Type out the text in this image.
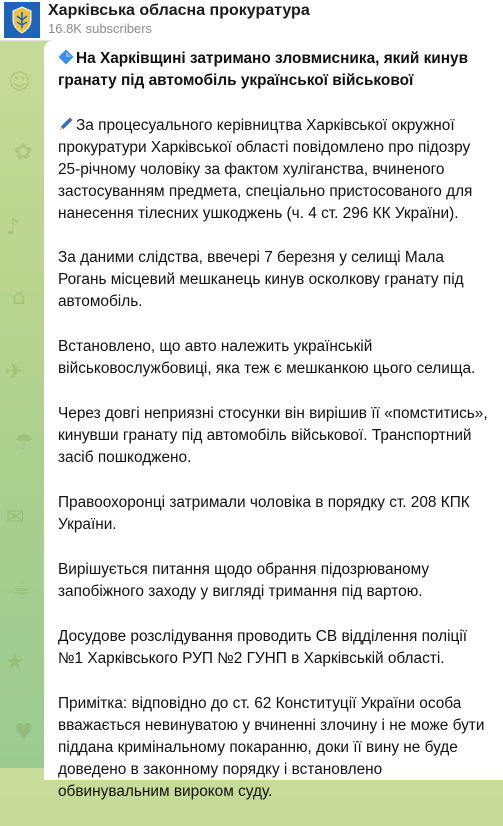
☺
✿
♪
⌂
✈
☂
✉
☕
★
♥
Харківська обласна прокуратура
16.8K subscribers

На Харківщині затримано зловмисника, який кинув гранату під автомобіль української військової

За процесуального керівництва Харківської окружної прокуратури Харківської області повідомлено про підозру 25-річному чоловіку за фактом хуліганства, вчиненого застосуванням предмета, спеціально пристосованого для нанесення тілесних ушкоджень (ч. 4 ст. 296 КК України).

За даними слідства, ввечері 7 березня у селищі Мала Рогань місцевий мешканець кинув осколкову гранату під автомобіль.

Встановлено, що авто належить українській військовослужбовиці, яка теж є мешканкою цього селища.

Через довгі неприязні стосунки він вирішив її «помститись», кинувши гранату під автомобіль військової. Транспортний засіб пошкоджено.

Правоохоронці затримали чоловіка в порядку ст. 208 КПК України.

Вирішується питання щодо обрання підозрюваному запобіжного заходу у вигляді тримання під вартою.

Досудове розслідування проводить СВ відділення поліції №1 Харківського РУП №2 ГУНП в Харківській області.

Примітка: відповідно до ст. 62 Конституції України особа вважається невинуватою у вчиненні злочину і не може бути піддана кримінальному покаранню, доки її вину не буде доведено в законному порядку і встановлено обвинувальним вироком суду.
